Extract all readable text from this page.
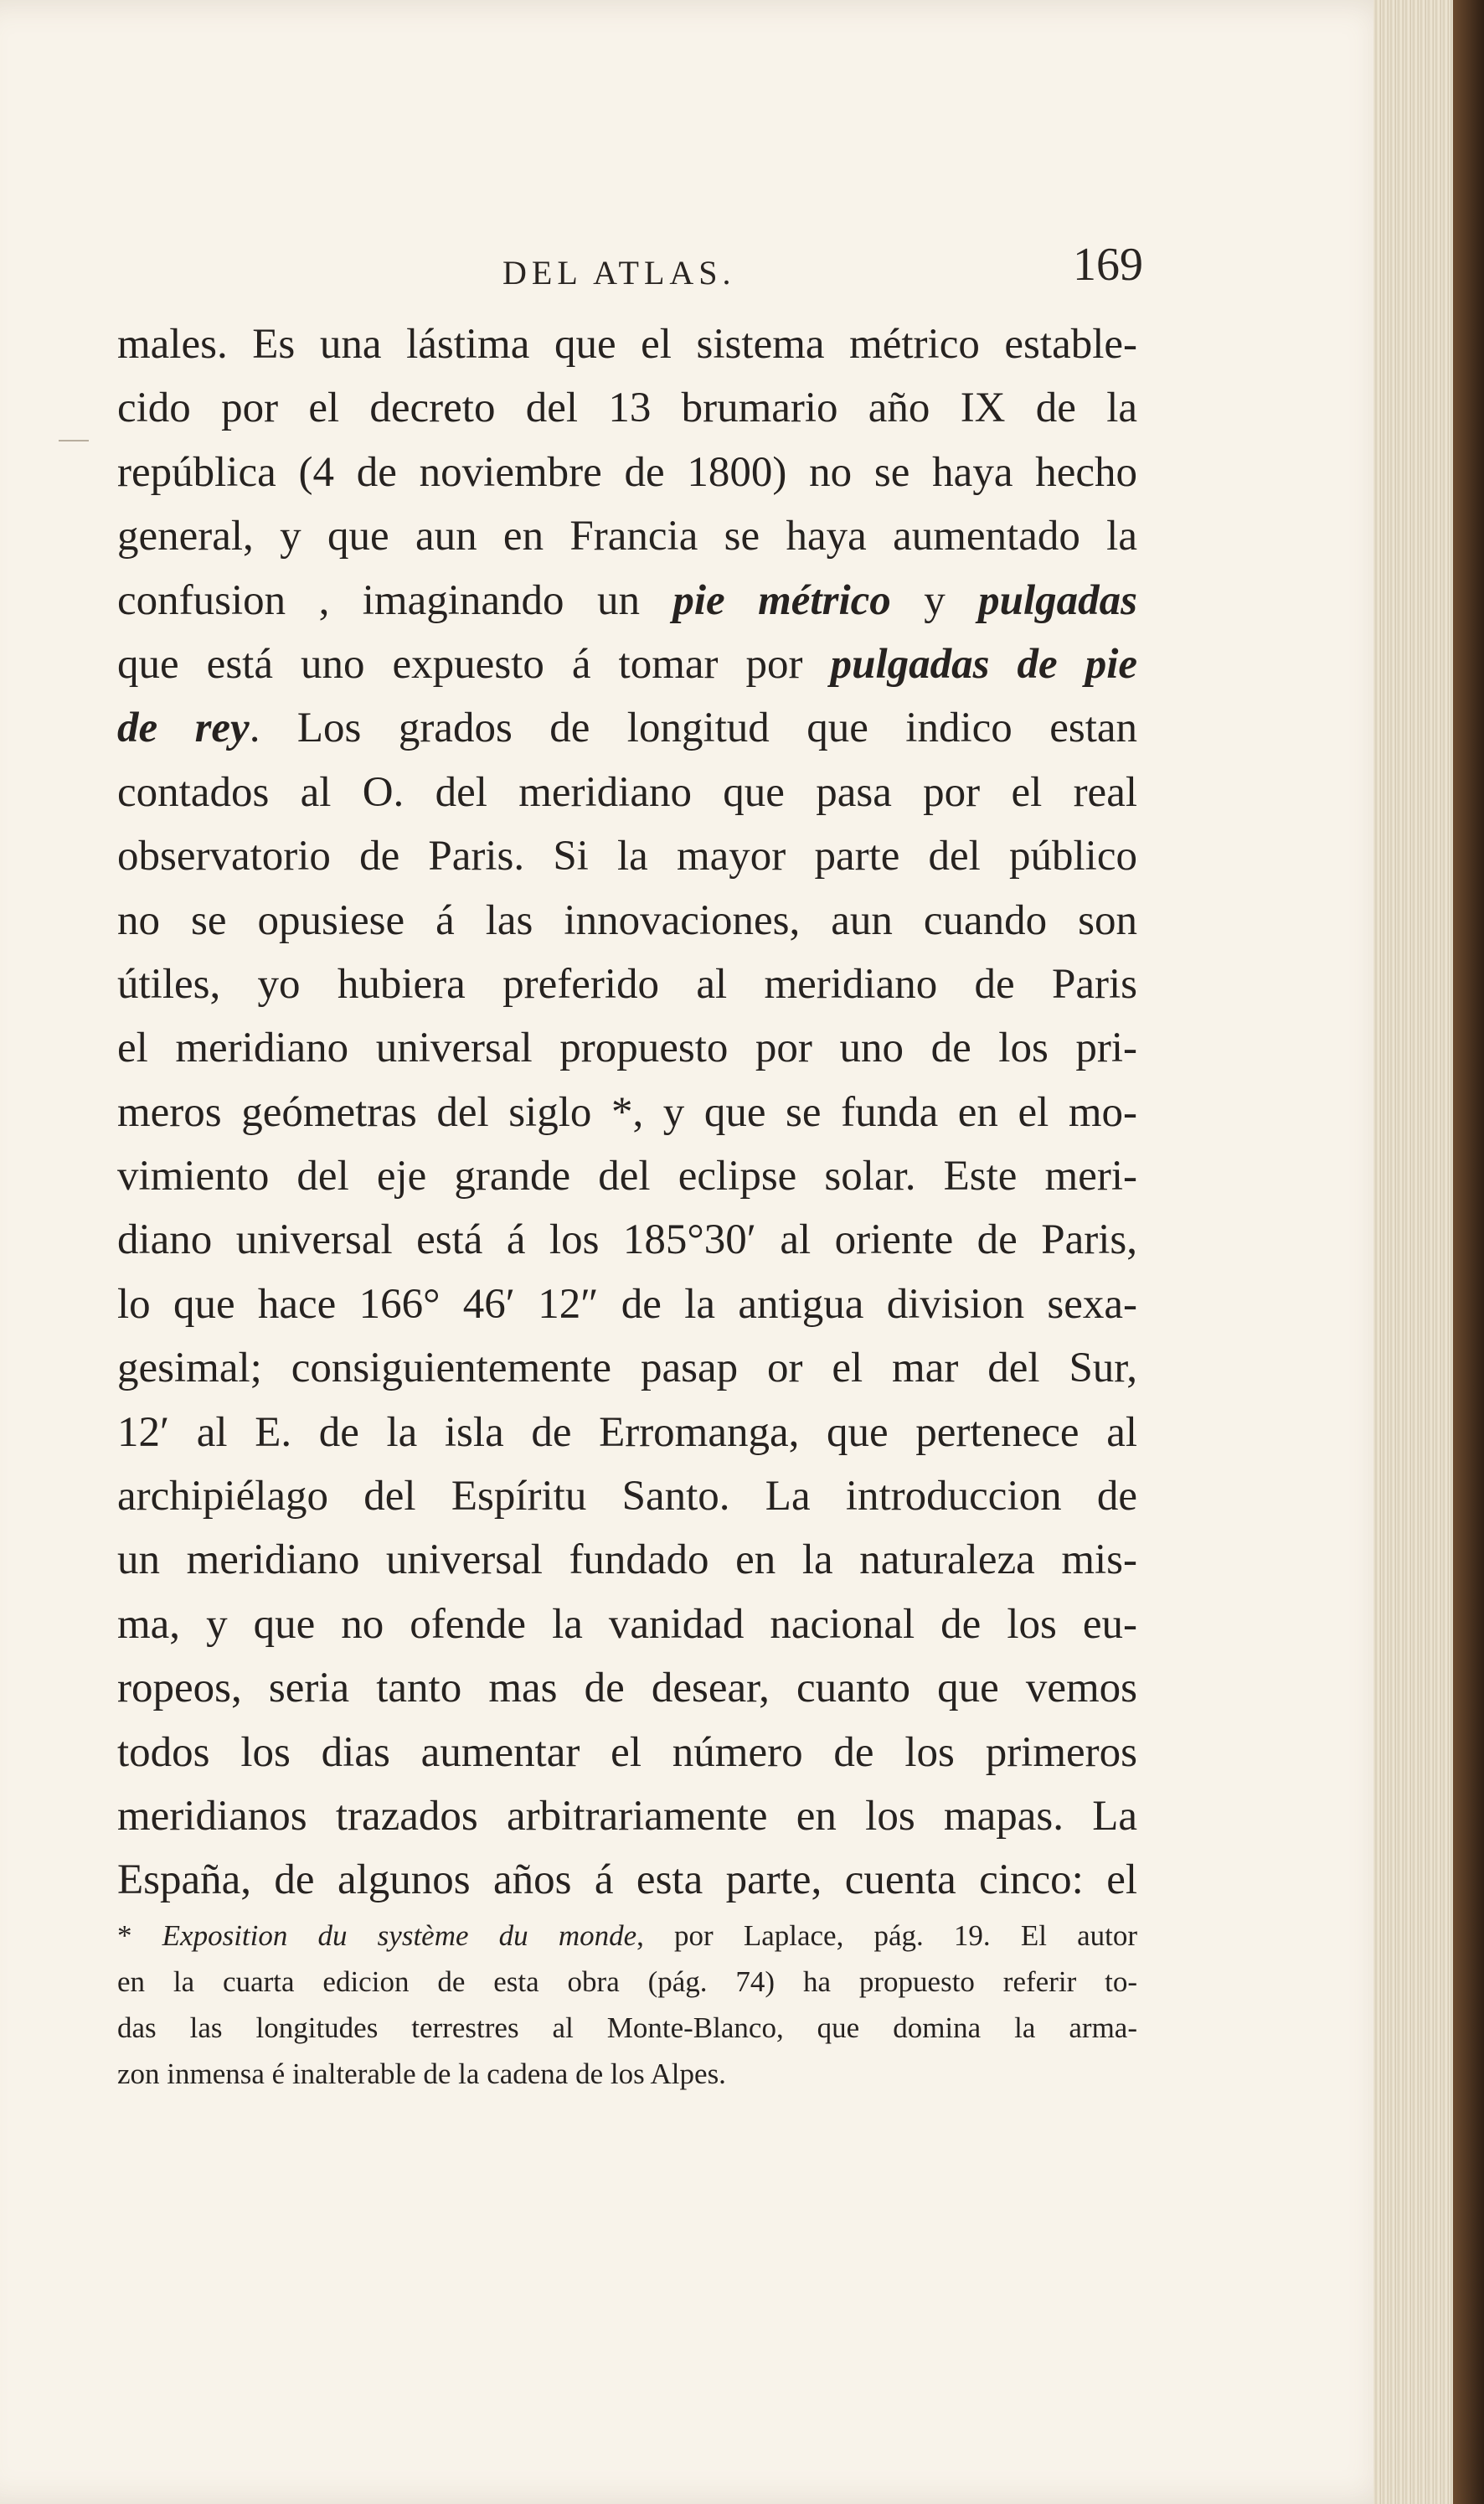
DEL ATLAS.	169
males. Es una lástima que el sistema métrico estable-
cido por el decreto del 13 brumario año IX de la
república (4 de noviembre de 1800) no se haya hecho
general, y que aun en Francia se haya aumentado la
confusion , imaginando un pie métrico y pulgadas
que está uno expuesto á tomar por pulgadas de pie
de rey. Los grados de longitud que indico estan
contados al O. del meridiano que pasa por el real
observatorio de Paris. Si la mayor parte del público
no se opusiese á las innovaciones, aun cuando son
útiles, yo hubiera preferido al meridiano de Paris
el meridiano universal propuesto por uno de los pri-
meros geómetras del siglo *, y que se funda en el mo-
vimiento del eje grande del eclipse solar. Este meri-
diano universal está á los 185°30′ al oriente de Paris,
lo que hace 166° 46′ 12″ de la antigua division sexa-
gesimal; consiguientemente pasap or el mar del Sur,
12′ al E. de la isla de Erromanga, que pertenece al
archipiélago del Espíritu Santo. La introduccion de
un meridiano universal fundado en la naturaleza mis-
ma, y que no ofende la vanidad nacional de los eu-
ropeos, seria tanto mas de desear, cuanto que vemos
todos los dias aumentar el número de los primeros
meridianos trazados arbitrariamente en los mapas. La
España, de algunos años á esta parte, cuenta cinco: el
* Exposition du système du monde, por Laplace, pág. 19. El autor
en la cuarta edicion de esta obra (pág. 74) ha propuesto referir to-
das las longitudes terrestres al Monte-Blanco, que domina la arma-
zon inmensa é inalterable de la cadena de los Alpes.
